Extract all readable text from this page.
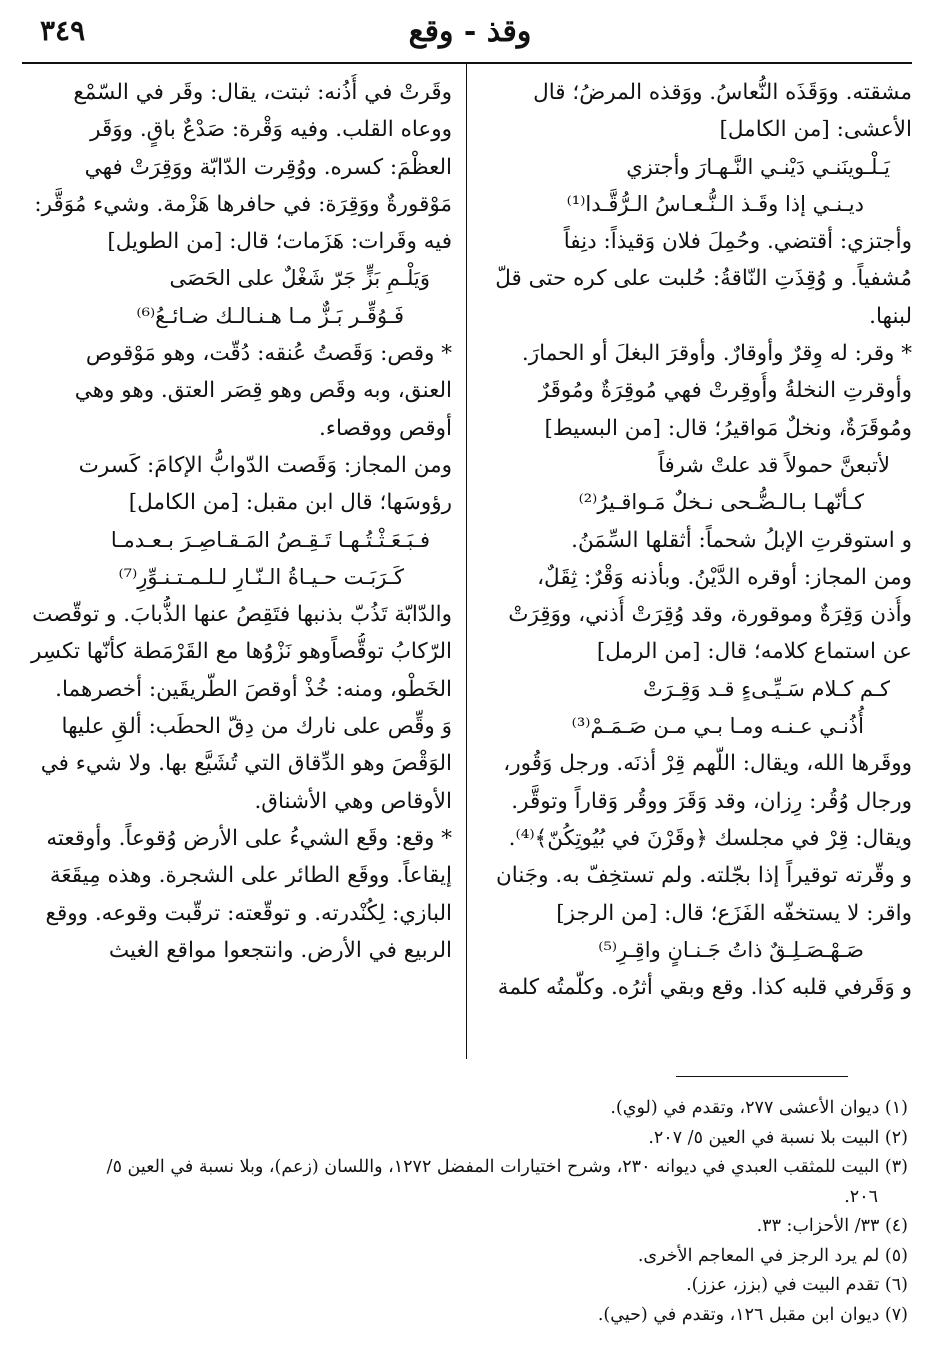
٣٤٩	وقذ - وقع
مشقته. ووَقَذَه النُّعاسُ. ووَقذه المرضُ؛ قال
الأعشى: [من الكامل]
يَـلْـوينَنـي دَيْنـي النَّـهـارَ وأجتزي
ديـنـي إذا وقَـذ الـنُّـعـاسُ الـرُّقَّـدا⁽¹⁾
وأجتزي: أقتضي. وحُمِلَ فلان وَقيذاً: دنِفاً
مُشفياً. و وُقِذَتِ النّاقةُ: حُلبت على كره حتى قلّ
لبنها.
* وقر: له وِقرٌ وأوقارٌ. وأوقرَ البغلَ أو الحمارَ.
وأوقرتِ النخلةُ وأُوقِرتْ فهي مُوقِرَةٌ ومُوقَرٌ
ومُوقَرَةٌ، ونخلٌ مَواقيرُ؛ قال: [من البسيط]
لأتبعنَّ حمولاً قد علتْ شرفاً
كـأنّهـا بـالـضُّـحى نـخلٌ مَـواقـيرُ⁽²⁾
و استوقرتِ الإبلُ شحماً: أثقلها السِّمَنُ.
ومن المجاز: أوقره الدَّيْنُ. وبأذنه وَقْرٌ: ثِقَلٌ،
وأُذن وَقِرَةٌ وموقورة، وقد وُقِرَتْ أُذني، ووَقِرَتْ
عن استماع كلامه؛ قال: [من الرمل]
كـم كـلام سَـيِّـىءٍ قـد وَقِـرَتْ
أُذُنـي عـنـه ومـا بـي مـن صَـمَـمْ⁽³⁾
ووقَرها الله، ويقال: اللّهم قِرْ أذنَه. ورجل وَقُور،
ورجال وُقُر: رِزان، وقد وَقَرَ ووقُر وَقاراً وتوقَّر.
ويقال: قِرْ في مجلسك ﴿وقَرْنَ في بُيُوتِكُنّ﴾⁽⁴⁾.
و وقّرته توقيراً إذا بجّلته. ولم تستخِفّ به. وجَنان
واقر: لا يستخفّه الفَزَع؛ قال: [من الرجز]
صَـهْـصَـلِـقٌ ذاتُ جَـنـانٍ واقِـرِ⁽⁵⁾
و وَقَرفي قلبه كذا. وقع وبقي أثرُه. وكلّمتُه كلمة
وقَرتْ في أُذُنه: ثبتت، يقال: وقَر في السّمْع
ووعاه القلب. وفيه وَقْرة: صَدْعٌ باقٍ. ووَقَر
العظْمَ: كسره. ووُقِرت الدّابّة ووَقِرَتْ فهي
مَوْقورةٌ ووَقِرَة: في حافرها هَزْمة. وشيء مُوَقَّر:
فيه وقَرات: هَزَمات؛ قال: [من الطويل]
وَيَلْـمِ بَزٍّ جَرّ شَغْلٌ على الحَصَى
فَـوُقِّـر بَـزٌّ مـا هـنـالـك ضـائـعُ⁽⁶⁾
* وقص: وَقَصتُ عُنقه: دُقّت، وهو مَوْقوص
العنق، وبه وقَص وهو قِصَر العتق. وهو وهي
أوقص ووقصاء.
ومن المجاز: وَقَصت الدّوابُّ الإكامَ: كَسرت
رؤوسَها؛ قال ابن مقبل: [من الكامل]
فـبَـعَـثْـتُـهـا تَـقِـصُ المَـقـاصِـرَ بـعـدمـا
كَـرَبَـت حـيـاةُ الـنّـارِ لـلـمـتـنـوِّرِ⁽⁷⁾
والدّابّة تَذُبّ بذنبها فتَقِصُ عنها الذُّبابَ. و توقّصت
الرّكابُ توقُّصاًوهو نَزْوُها مع القَرْمَطة كأنّها تكسِر
الخَطْو، ومنه: خُذْ أوقصَ الطّريقَين: أخصرهما.
وَ وقِّص على نارك من دِقّ الحطَب: ألقِ عليها
الوَقْصَ وهو الدِّقاق التي تُشَيَّع بها. ولا شيء في
الأوقاص وهي الأشناق.
* وقع: وقَع الشيءُ على الأرض وُقوعاً. وأوقعته
إيقاعاً. ووقَع الطائر على الشجرة. وهذه مِيقَعَة
البازي: لِكُنْدرته. و توقّعته: ترقّبت وقوعه. ووقع
الربيع في الأرض. وانتجعوا مواقع الغيث
(١) ديوان الأعشى ٢٧٧، وتقدم في (لوي).
(٢) البيت بلا نسبة في العين ٥/ ٢٠٧.
(٣) البيت للمثقب العبدي في ديوانه ٢٣٠، وشرح اختيارات المفضل ١٢٧٢، واللسان (زعم)، وبلا نسبة في العين ٥/
٢٠٦.
(٤) ٣٣/ الأحزاب: ٣٣.
(٥) لم يرد الرجز في المعاجم الأخرى.
(٦) تقدم البيت في (بزز، عزز).
(٧) ديوان ابن مقبل ١٢٦، وتقدم في (حيي).
